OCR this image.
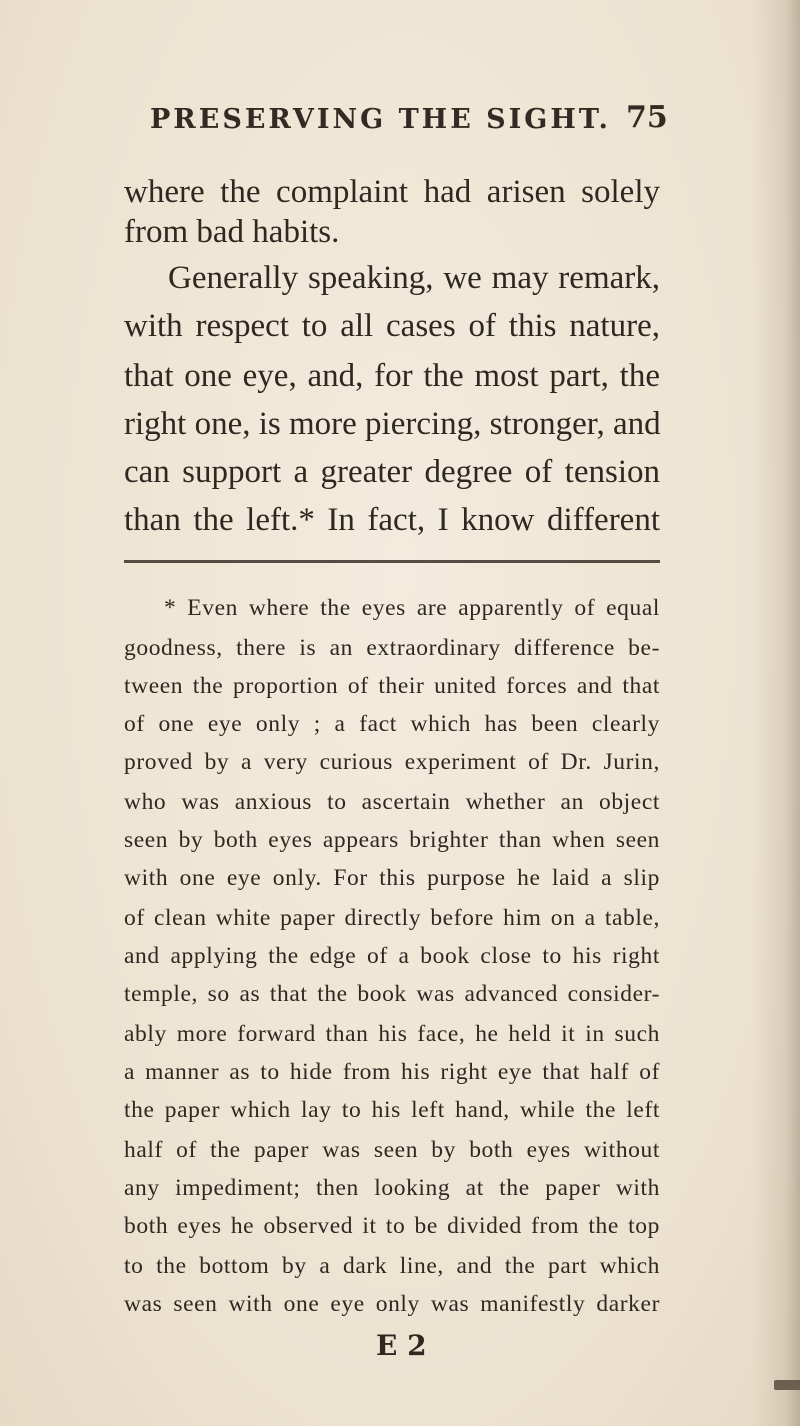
PRESERVING THE SIGHT. 75
where the complaint had arisen solely
from bad habits.
Generally speaking, we may remark,
with respect to all cases of this nature,
that one eye, and, for the most part, the
right one, is more piercing, stronger, and
can support a greater degree of tension
than the left.* In fact, I know different
* Even where the eyes are apparently of equal
goodness, there is an extraordinary difference be-
tween the proportion of their united forces and that
of one eye only ; a fact which has been clearly
proved by a very curious experiment of Dr. Jurin,
who was anxious to ascertain whether an object
seen by both eyes appears brighter than when seen
with one eye only. For this purpose he laid a slip
of clean white paper directly before him on a table,
and applying the edge of a book close to his right
temple, so as that the book was advanced consider-
ably more forward than his face, he held it in such
a manner as to hide from his right eye that half of
the paper which lay to his left hand, while the left
half of the paper was seen by both eyes without
any impediment; then looking at the paper with
both eyes he observed it to be divided from the top
to the bottom by a dark line, and the part which
was seen with one eye only was manifestly darker
E 2
